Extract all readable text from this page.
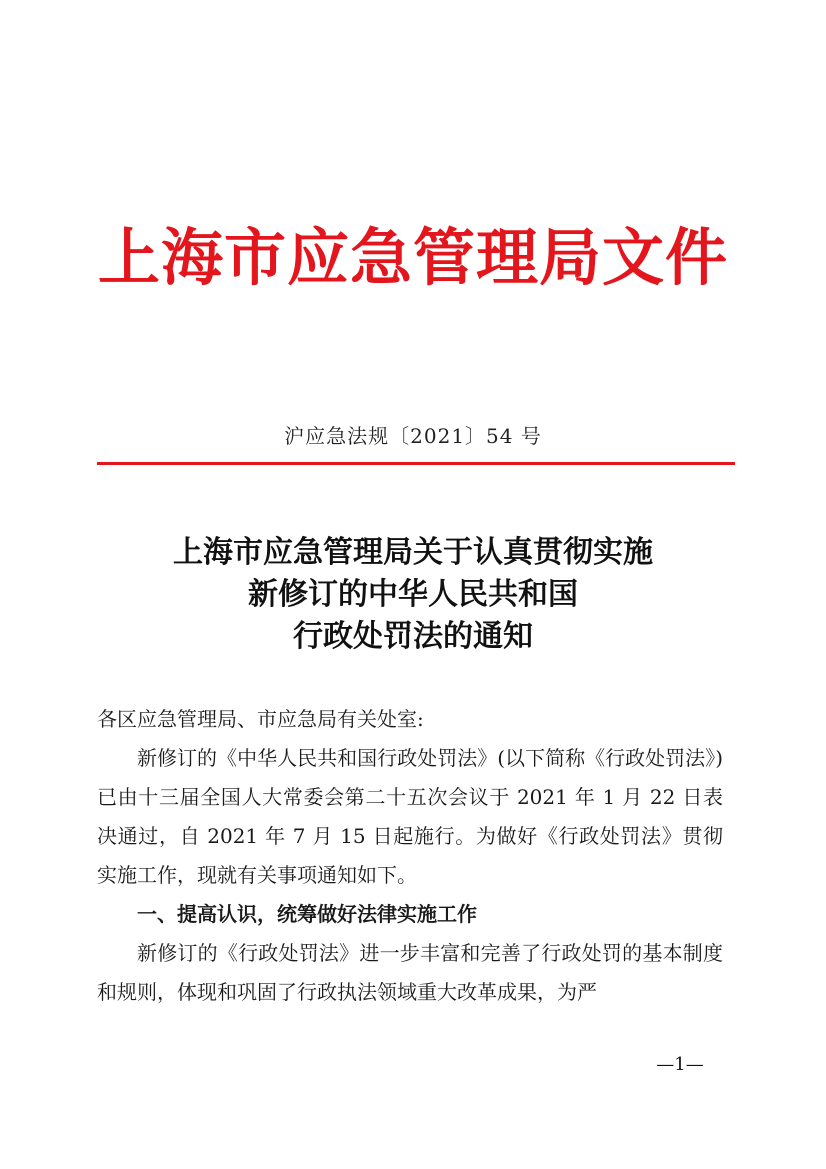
上海市应急管理局文件
沪应急法规〔2021〕54 号
上海市应急管理局关于认真贯彻实施
新修订的中华人民共和国
行政处罚法的通知

各区应急管理局、市应急局有关处室:

新修订的《中华人民共和国行政处罚法》(以下简称《行政处罚法》)已由十三届全国人大常委会第二十五次会议于 2021 年 1 月 22 日表决通过，自 2021 年 7 月 15 日起施行。为做好《行政处罚法》贯彻实施工作，现就有关事项通知如下。

一、提高认识，统筹做好法律实施工作

新修订的《行政处罚法》进一步丰富和完善了行政处罚的基本制度和规则，体现和巩固了行政执法领域重大改革成果，为严

—1—
